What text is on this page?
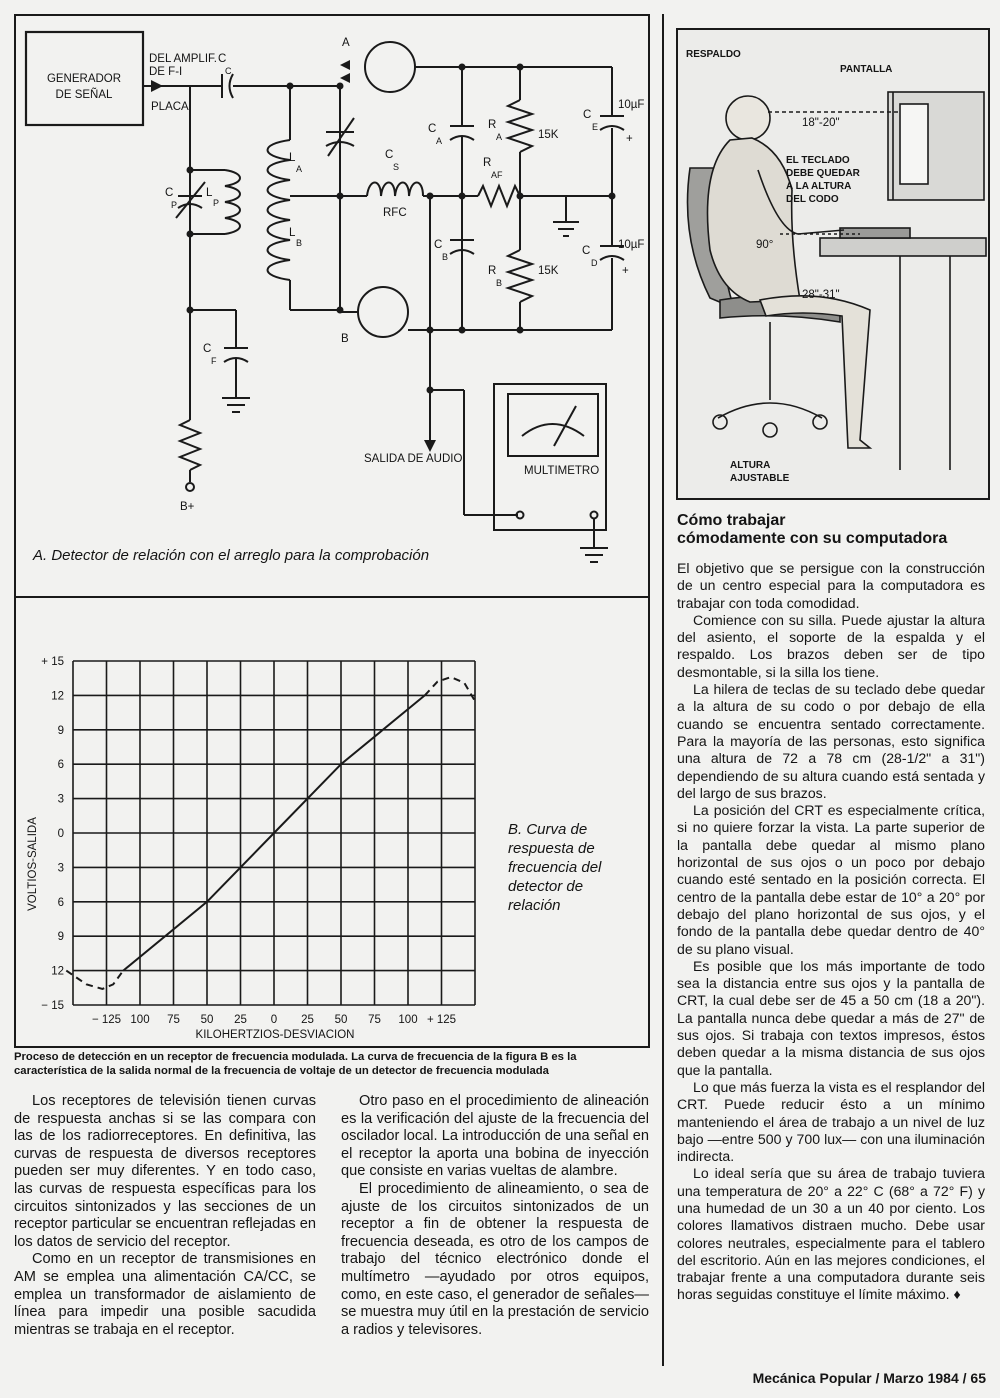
GENERADOR
DE SEÑAL
DEL AMPLIF.
DE F-I
PLACA
C
C
A
B
C
A
R
A	15K
C
E
10µF
+
L
A
L
B
C
S
RFC
R
AF
C
P
L
P
C
B
R
B
15K
C
D
10µF
+
C
F
B+
SALIDA DE AUDIO
MULTIMETRO
A. Detector de relación con el arreglo para la comprobación
+ 15
12
9
6
3
0
3
6
9
12
− 15
− 125 100 75 50 25 0 25 50 75 100 + 125
KILOHERTZIOS-DESVIACION
VOLTIOS-SALIDA	B. Curva de
respuesta de
frecuencia del
detector de
relación
Proceso de detección en un receptor de frecuencia modulada. La curva de frecuencia de la figura B es la
característica de la salida normal de la frecuencia de voltaje de un detector de frecuencia modulada
RESPALDO
PANTALLA
18"-20"
EL TECLADO
DEBE QUEDAR
A LA ALTURA
DEL CODO
90°
28"-31"
ALTURA
AJUSTABLE
Cómo trabajar
cómodamente con su computadora

El objetivo que se persigue con la construcción de un centro especial para la computadora es trabajar con toda comodidad.

Comience con su silla. Puede ajustar la altura del asiento, el soporte de la espalda y el respaldo. Los brazos deben ser de tipo desmontable, si la silla los tiene.

La hilera de teclas de su teclado debe quedar a la altura de su codo o por debajo de ella cuando se encuentra sentado correctamente. Para la mayoría de las personas, esto significa una altura de 72 a 78 cm (28-1/2" a 31") dependiendo de su altura cuando está sentada y del largo de sus brazos.

La posición del CRT es especialmente crítica, si no quiere forzar la vista. La parte superior de la pantalla debe quedar al mismo plano horizontal de sus ojos o un poco por debajo cuando esté sentado en la posición correcta. El centro de la pantalla debe estar de 10° a 20° por debajo del plano horizontal de sus ojos, y el fondo de la pantalla debe quedar dentro de 40° de su plano visual.

Es posible que los más importante de todo sea la distancia entre sus ojos y la pantalla de CRT, la cual debe ser de 45 a 50 cm (18 a 20"). La pantalla nunca debe quedar a más de 27" de sus ojos. Si trabaja con textos impresos, éstos deben quedar a la misma distancia de sus ojos que la pantalla.

Lo que más fuerza la vista es el resplandor del CRT. Puede reducir ésto a un mínimo manteniendo el área de trabajo a un nivel de luz bajo —entre 500 y 700 lux— con una iluminación indirecta.

Lo ideal sería que su área de trabajo tuviera una temperatura de 20° a 22° C (68° a 72° F) y una humedad de un 30 a un 40 por ciento. Los colores llamativos distraen mucho. Debe usar colores neutrales, especialmente para el tablero del escritorio. Aún en las mejores condiciones, el trabajar frente a una computadora durante seis horas seguidas constituye el límite máximo. ♦

Los receptores de televisión tienen curvas de respuesta anchas si se las compara con las de los radiorreceptores. En definitiva, las curvas de respuesta de diversos receptores pueden ser muy diferentes. Y en todo caso, las curvas de respuesta específicas para los circuitos sintonizados y las secciones de un receptor particular se encuentran reflejadas en los datos de servicio del receptor.

Como en un receptor de transmisiones en AM se emplea una alimentación CA/CC, se emplea un transformador de aislamiento de línea para impedir una posible sacudida mientras se trabaja en el receptor.

Otro paso en el procedimiento de alineación es la verificación del ajuste de la frecuencia del oscilador local. La introducción de una señal en el receptor la aporta una bobina de inyección que consiste en varias vueltas de alambre.

El procedimiento de alineamiento, o sea de ajuste de los circuitos sintonizados de un receptor a fin de obtener la respuesta de frecuencia deseada, es otro de los campos de trabajo del técnico electrónico donde el multímetro —ayudado por otros equipos, como, en este caso, el generador de señales— se muestra muy útil en la prestación de servicio a radios y televisores.

Mecánica Popular / Marzo 1984 / 65
